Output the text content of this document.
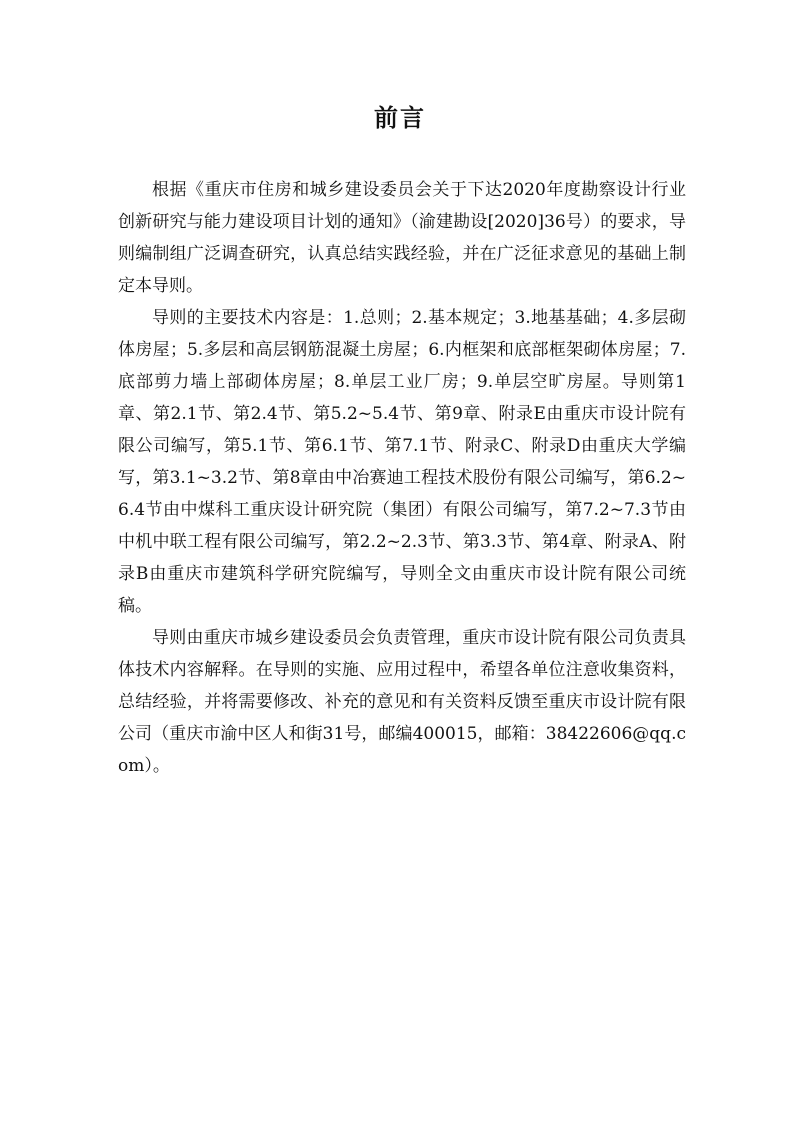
前言

根据《重庆市住房和城乡建设委员会关于下达2020年度勘察设计行业创新研究与能力建设项目计划的通知》（渝建勘设[2020]36号）的要求，导则编制组广泛调查研究，认真总结实践经验，并在广泛征求意见的基础上制定本导则。

导则的主要技术内容是：1.总则；2.基本规定；3.地基基础；4.多层砌体房屋；5.多层和高层钢筋混凝土房屋；6.内框架和底部框架砌体房屋；7.底部剪力墙上部砌体房屋；8.单层工业厂房；9.单层空旷房屋。导则第1章、第2.1节、第2.4节、第5.2~5.4节、第9章、附录E由重庆市设计院有限公司编写，第5.1节、第6.1节、第7.1节、附录C、附录D由重庆大学编写，第3.1~3.2节、第8章由中冶赛迪工程技术股份有限公司编写，第6.2~6.4节由中煤科工重庆设计研究院（集团）有限公司编写，第7.2~7.3节由中机中联工程有限公司编写，第2.2~2.3节、第3.3节、第4章、附录A、附录B由重庆市建筑科学研究院编写，导则全文由重庆市设计院有限公司统稿。

导则由重庆市城乡建设委员会负责管理，重庆市设计院有限公司负责具体技术内容解释。在导则的实施、应用过程中，希望各单位注意收集资料，总结经验，并将需要修改、补充的意见和有关资料反馈至重庆市设计院有限公司（重庆市渝中区人和街31号，邮编400015，邮箱：38422606@qq.com）。
